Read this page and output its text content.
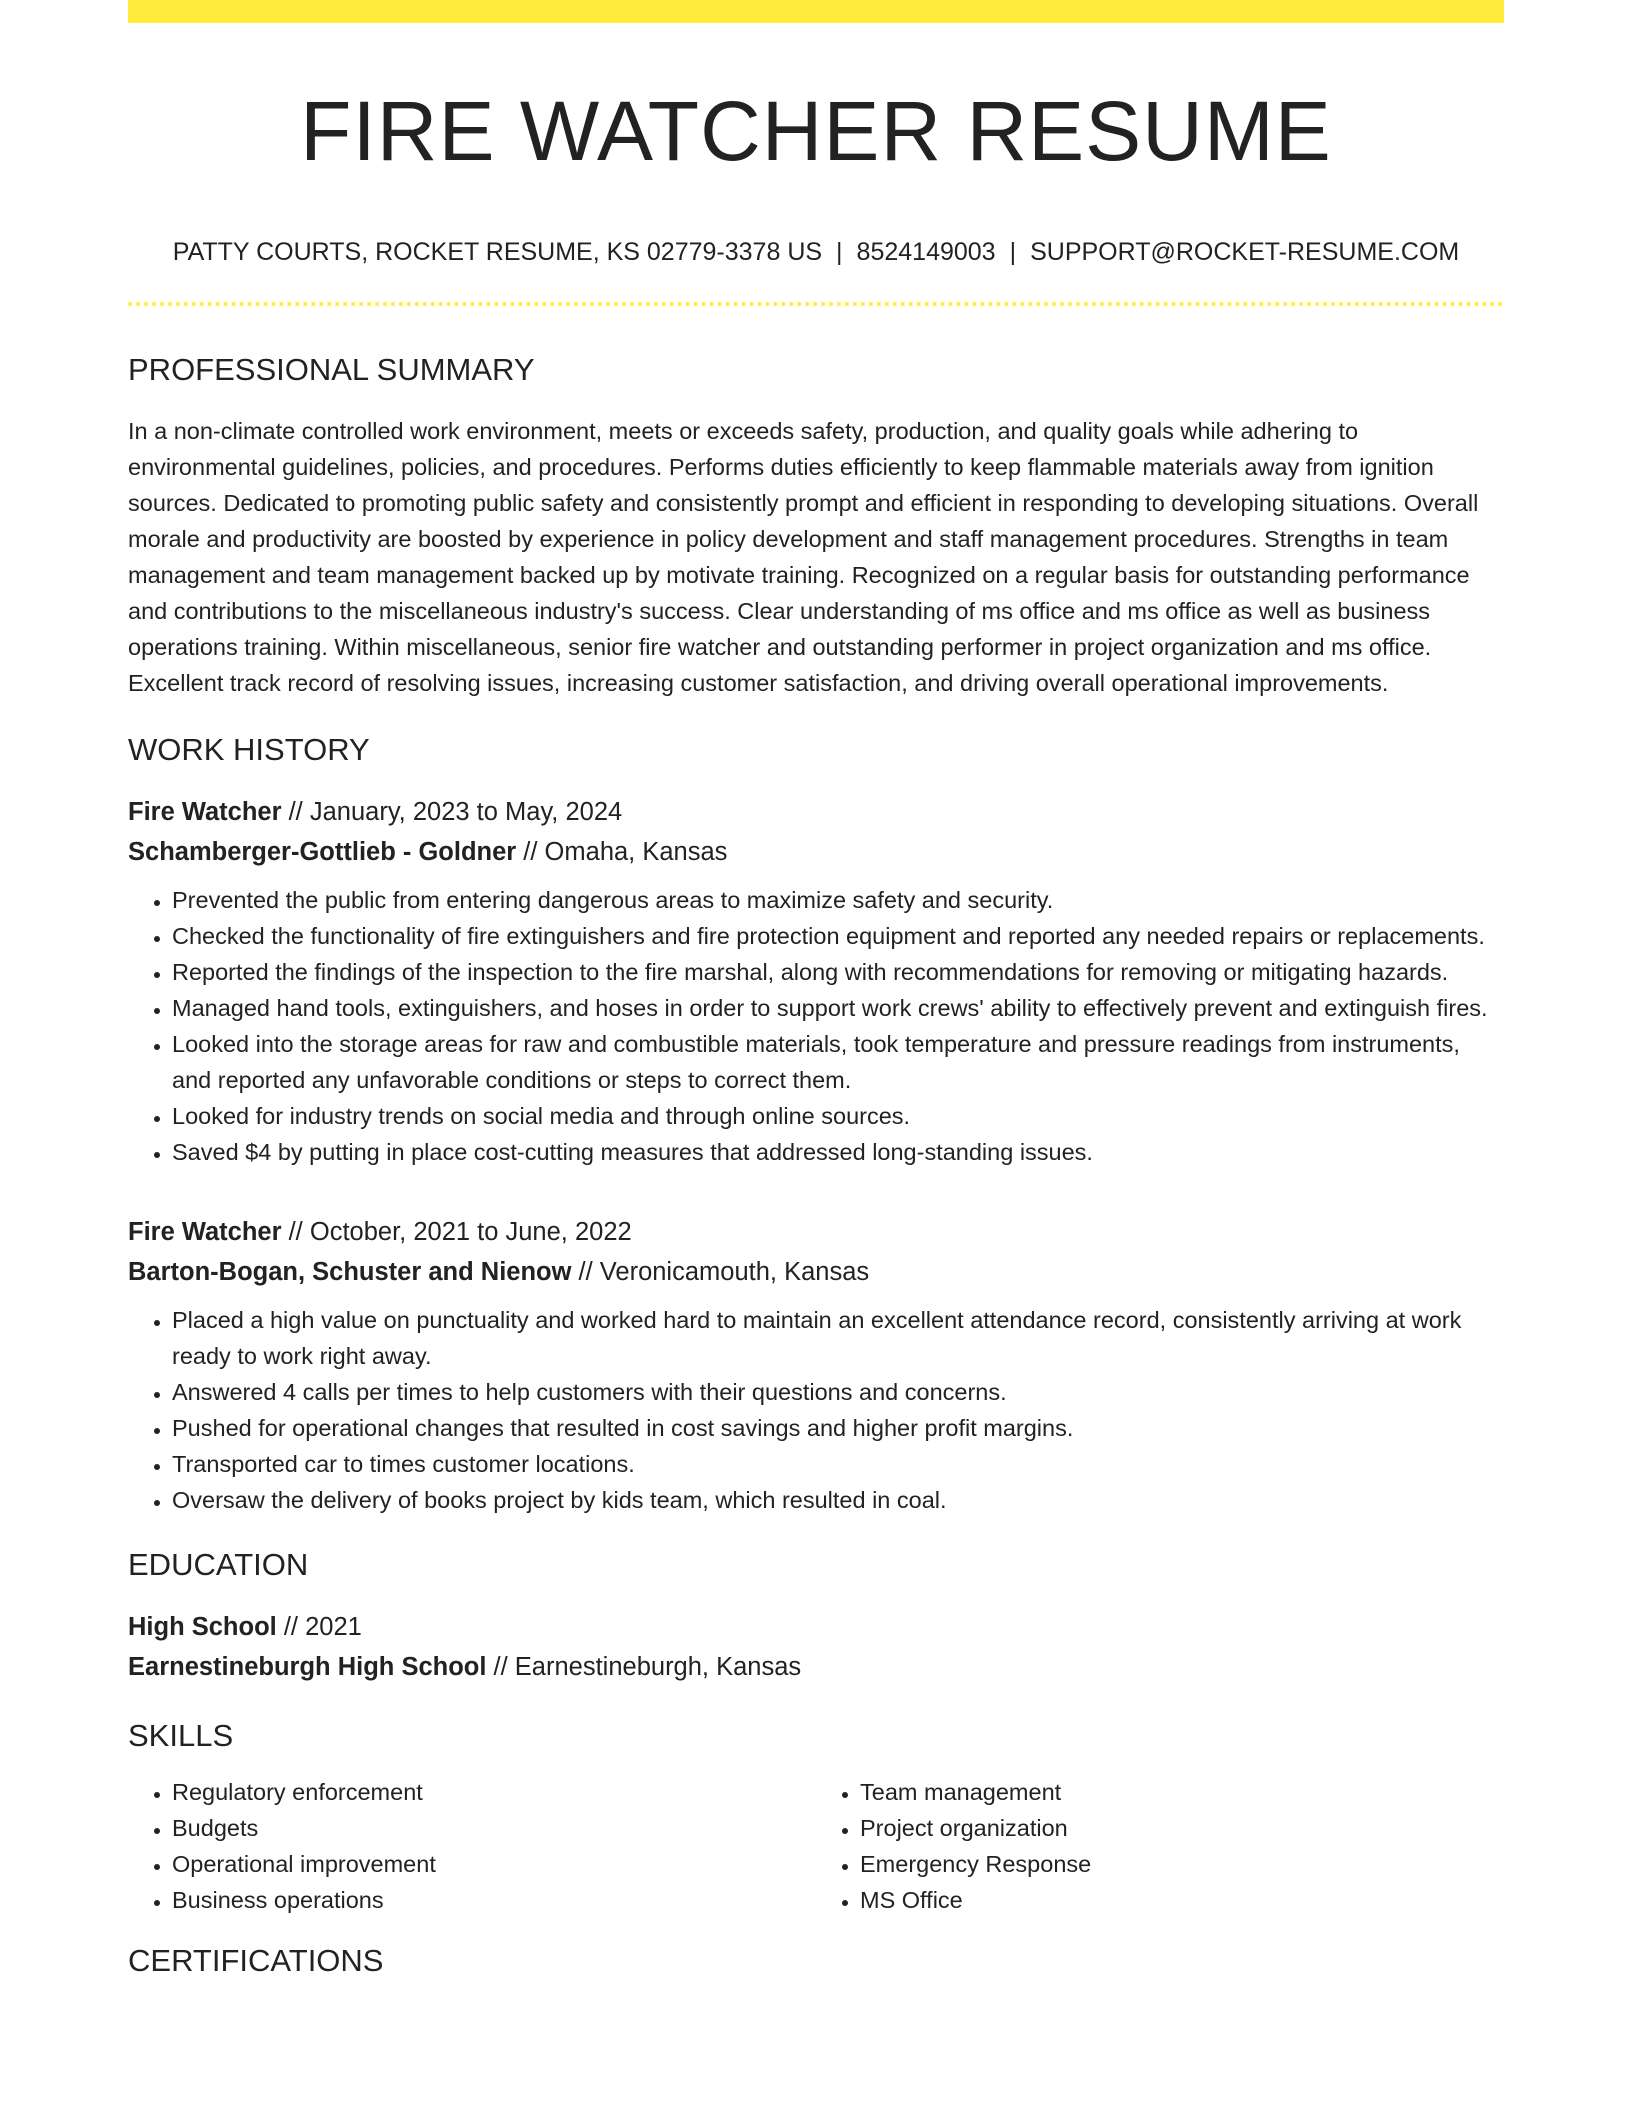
FIRE WATCHER RESUME
PATTY COURTS, ROCKET RESUME, KS 02779-3378 US | 8524149003 | SUPPORT@ROCKET-RESUME.COM
PROFESSIONAL SUMMARY

In a non-climate controlled work environment, meets or exceeds safety, production, and quality goals while adhering to environmental guidelines, policies, and procedures. Performs duties efficiently to keep flammable materials away from ignition sources. Dedicated to promoting public safety and consistently prompt and efficient in responding to developing situations. Overall morale and productivity are boosted by experience in policy development and staff management procedures. Strengths in team management and team management backed up by motivate training. Recognized on a regular basis for outstanding performance and contributions to the miscellaneous industry's success. Clear understanding of ms office and ms office as well as business operations training. Within miscellaneous, senior fire watcher and outstanding performer in project organization and ms office. Excellent track record of resolving issues, increasing customer satisfaction, and driving overall operational improvements.

WORK HISTORY
Fire Watcher // January, 2023 to May, 2024
Schamberger-Gottlieb - Goldner // Omaha, Kansas
• Prevented the public from entering dangerous areas to maximize safety and security.
• Checked the functionality of fire extinguishers and fire protection equipment and reported any needed repairs or replacements.
• Reported the findings of the inspection to the fire marshal, along with recommendations for removing or mitigating hazards.
• Managed hand tools, extinguishers, and hoses in order to support work crews' ability to effectively prevent and extinguish fires.
• Looked into the storage areas for raw and combustible materials, took temperature and pressure readings from instruments, and reported any unfavorable conditions or steps to correct them.
• Looked for industry trends on social media and through online sources.
• Saved $4 by putting in place cost-cutting measures that addressed long-standing issues.
Fire Watcher // October, 2021 to June, 2022
Barton-Bogan, Schuster and Nienow // Veronicamouth, Kansas
• Placed a high value on punctuality and worked hard to maintain an excellent attendance record, consistently arriving at work ready to work right away.
• Answered 4 calls per times to help customers with their questions and concerns.
• Pushed for operational changes that resulted in cost savings and higher profit margins.
• Transported car to times customer locations.
• Oversaw the delivery of books project by kids team, which resulted in coal.
EDUCATION
High School // 2021
Earnestineburgh High School // Earnestineburgh, Kansas
SKILLS
• Regulatory enforcement
• Budgets
• Operational improvement
• Business operations
• Team management
• Project organization
• Emergency Response
• MS Office
CERTIFICATIONS
